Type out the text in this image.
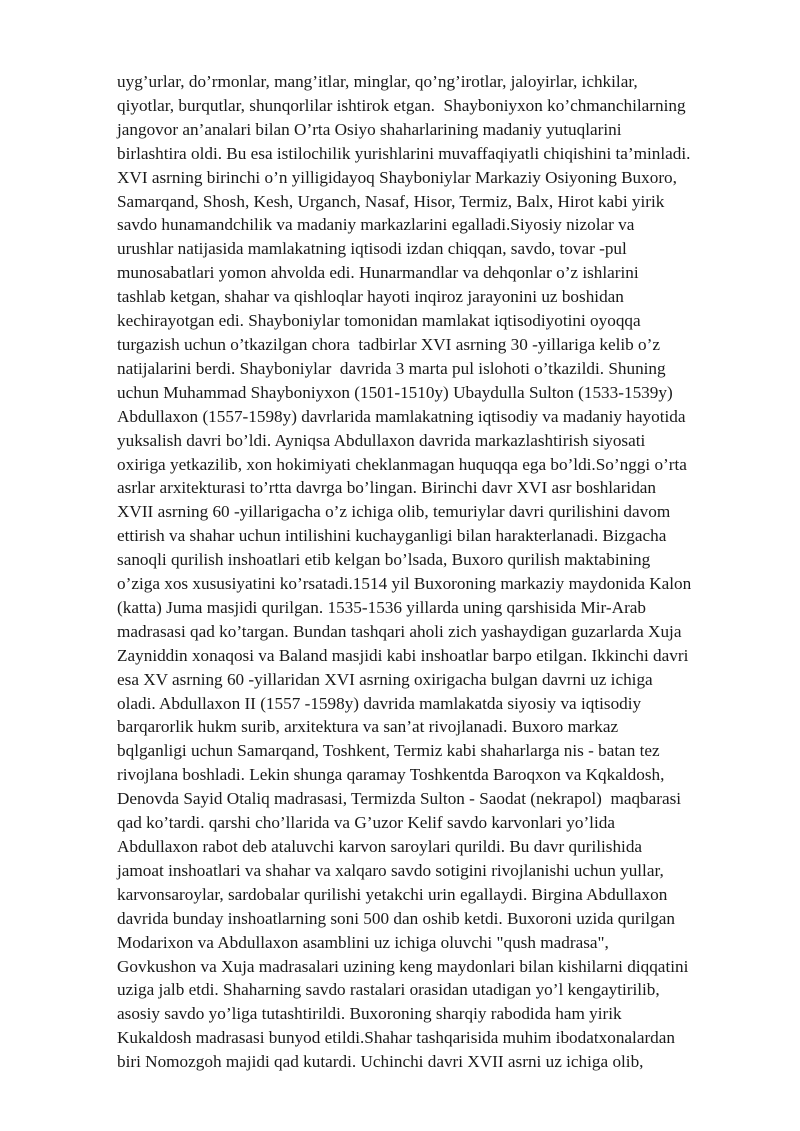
uyg’urlar, do’rmonlar, mang’itlar, minglar, qo’ng’irotlar, jaloyirlar, ichkilar,
qiyotlar, burqutlar, shunqorlilar ishtirok etgan.  Shayboniyxon ko’chmanchilarning
jangovor an’analari bilan O’rta Osiyo shaharlarining madaniy yutuqlarini
birlashtira oldi. Bu esa istilochilik yurishlarini muvaffaqiyatli chiqishini ta’minladi.
XVI asrning birinchi o’n yilligidayoq Shayboniylar Markaziy Osiyoning Buxoro,
Samarqand, Shosh, Kesh, Urganch, Nasaf, Hisor, Termiz, Balx, Hirot kabi yirik
savdo hunamandchilik va madaniy markazlarini egalladi.Siyosiy nizolar va
urushlar natijasida mamlakatning iqtisodi izdan chiqqan, savdo, tovar -pul
munosabatlari yomon ahvolda edi. Hunarmandlar va dehqonlar o’z ishlarini
tashlab ketgan, shahar va qishloqlar hayoti inqiroz jarayonini uz boshidan
kechirayotgan edi. Shayboniylar tomonidan mamlakat iqtisodiyotini oyoqqa
turgazish uchun o’tkazilgan chora  tadbirlar XVI asrning 30 -yillariga kelib o’z
natijalarini berdi. Shayboniylar  davrida 3 marta pul islohoti o’tkazildi. Shuning
uchun Muhammad Shayboniyxon (1501-1510y) Ubaydulla Sulton (1533-1539y)
Abdullaxon (1557-1598y) davrlarida mamlakatning iqtisodiy va madaniy hayotida
yuksalish davri bo’ldi. Ayniqsa Abdullaxon davrida markazlashtirish siyosati
oxiriga yetkazilib, xon hokimiyati cheklanmagan huquqqa ega bo’ldi.So’nggi o’rta
asrlar arxitekturasi to’rtta davrga bo’lingan. Birinchi davr XVI asr boshlaridan
XVII asrning 60 -yillarigacha o’z ichiga olib, temuriylar davri qurilishini davom
ettirish va shahar uchun intilishini kuchayganligi bilan harakterlanadi. Bizgacha
sanoqli qurilish inshoatlari etib kelgan bo’lsada, Buxoro qurilish maktabining
o’ziga xos xususiyatini ko’rsatadi.1514 yil Buxoroning markaziy maydonida Kalon
(katta) Juma masjidi qurilgan. 1535-1536 yillarda uning qarshisida Mir-Arab
madrasasi qad ko’targan. Bundan tashqari aholi zich yashaydigan guzarlarda Xuja
Zayniddin xonaqosi va Baland masjidi kabi inshoatlar barpo etilgan. Ikkinchi davri
esa XV asrning 60 -yillaridan XVI asrning oxirigacha bulgan davrni uz ichiga
oladi. Abdullaxon II (1557 -1598y) davrida mamlakatda siyosiy va iqtisodiy
barqarorlik hukm surib, arxitektura va san’at rivojlanadi. Buxoro markaz
bqlganligi uchun Samarqand, Toshkent, Termiz kabi shaharlarga nis - batan tez
rivojlana boshladi. Lekin shunga qaramay Toshkentda Baroqxon va Kqkaldosh,
Denovda Sayid Otaliq madrasasi, Termizda Sulton - Saodat (nekrapol)  maqbarasi
qad ko’tardi. qarshi cho’llarida va G’uzor Kelif savdo karvonlari yo’lida
Abdullaxon rabot deb ataluvchi karvon saroylari qurildi. Bu davr qurilishida
jamoat inshoatlari va shahar va xalqaro savdo sotigini rivojlanishi uchun yullar,
karvonsaroylar, sardobalar qurilishi yetakchi urin egallaydi. Birgina Abdullaxon
davrida bunday inshoatlarning soni 500 dan oshib ketdi. Buxoroni uzida qurilgan
Modarixon va Abdullaxon asamblini uz ichiga oluvchi "qush madrasa",
Govkushon va Xuja madrasalari uzining keng maydonlari bilan kishilarni diqqatini
uziga jalb etdi. Shaharning savdo rastalari orasidan utadigan yo’l kengaytirilib,
asosiy savdo yo’liga tutashtirildi. Buxoroning sharqiy rabodida ham yirik
Kukaldosh madrasasi bunyod etildi.Shahar tashqarisida muhim ibodatxonalardan
biri Nomozgoh majidi qad kutardi. Uchinchi davri XVII asrni uz ichiga olib,
